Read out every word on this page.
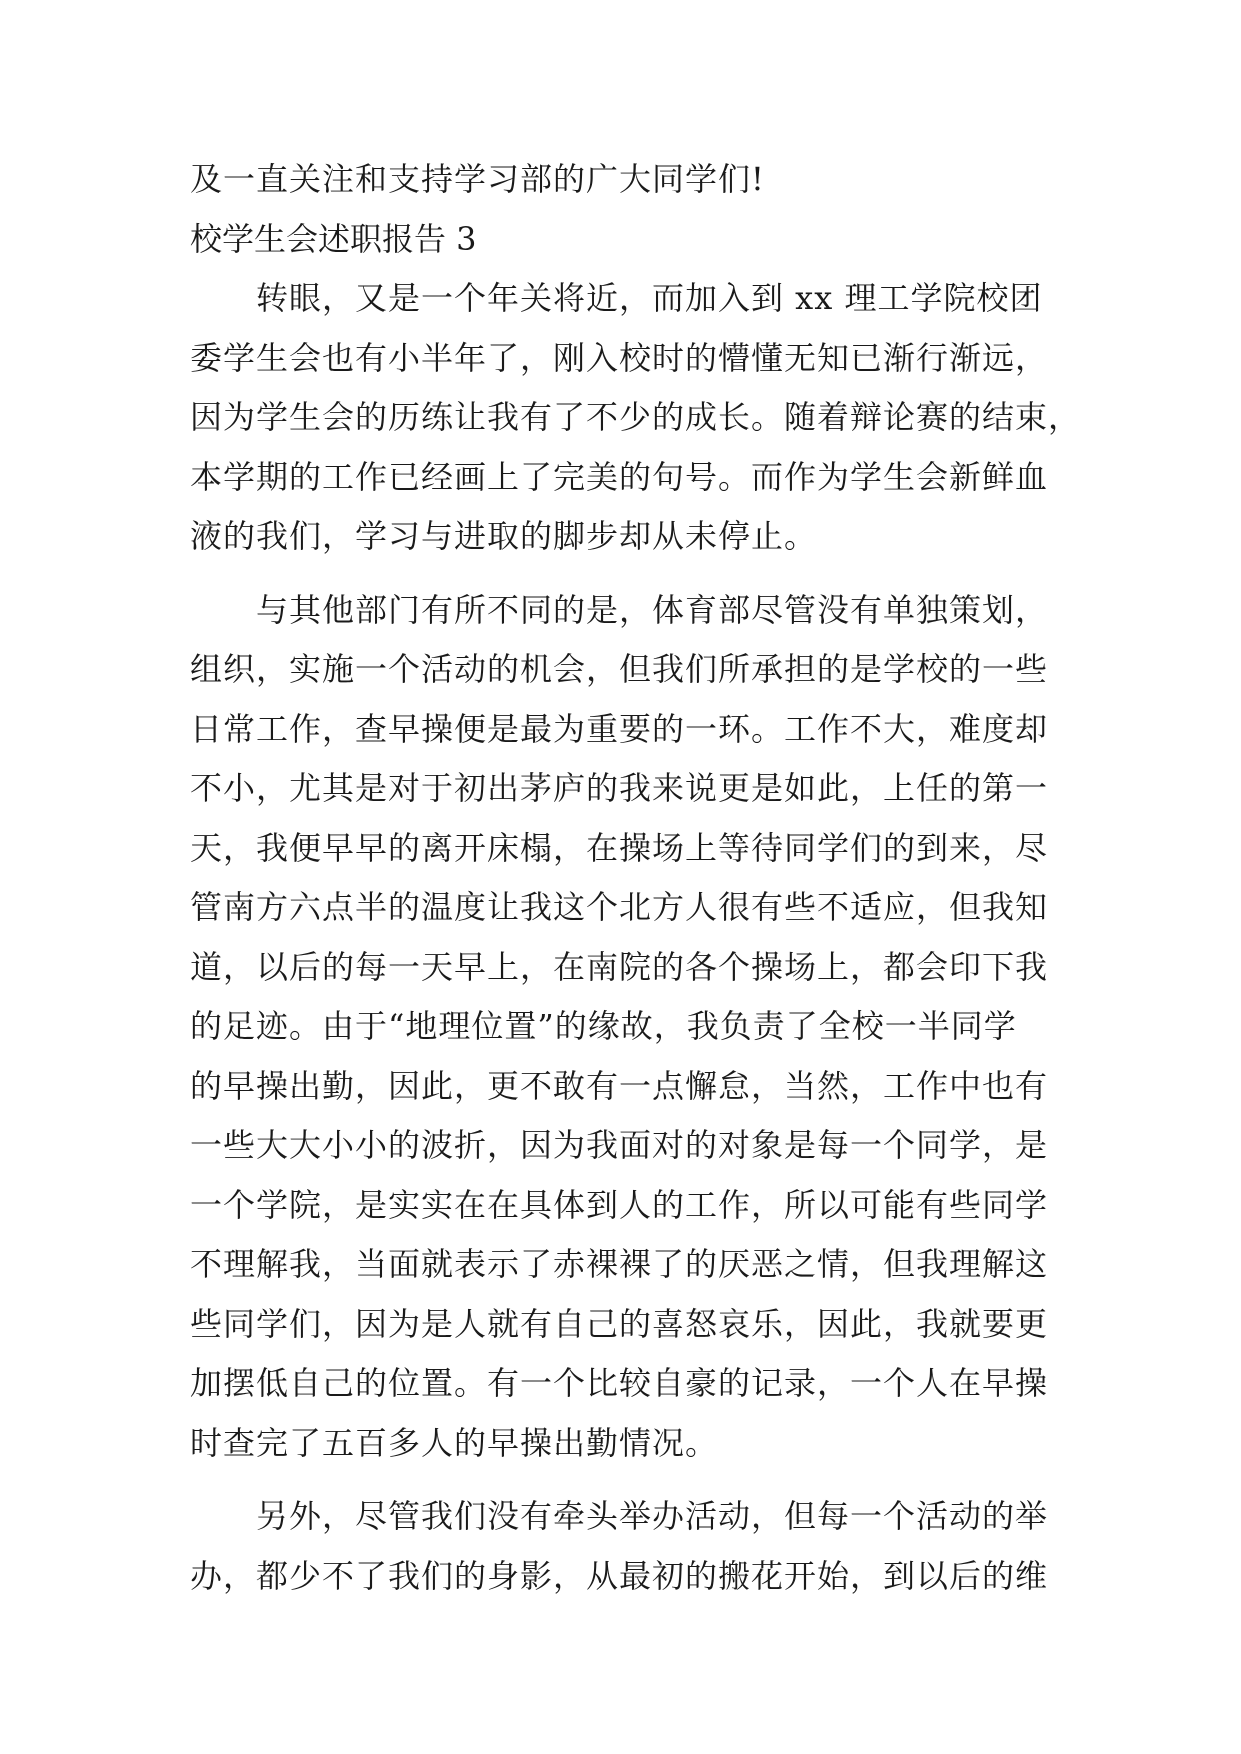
及一直关注和支持学习部的广大同学们!
校学生会述职报告 3
　　转眼，又是一个年关将近，而加入到 xx 理工学院校团
委学生会也有小半年了，刚入校时的懵懂无知已渐行渐远，
因为学生会的历练让我有了不少的成长。随着辩论赛的结束，
本学期的工作已经画上了完美的句号。而作为学生会新鲜血
液的我们，学习与进取的脚步却从未停止。
　　与其他部门有所不同的是，体育部尽管没有单独策划，
组织，实施一个活动的机会，但我们所承担的是学校的一些
日常工作，查早操便是最为重要的一环。工作不大，难度却
不小，尤其是对于初出茅庐的我来说更是如此，上任的第一
天，我便早早的离开床榻，在操场上等待同学们的到来，尽
管南方六点半的温度让我这个北方人很有些不适应，但我知
道，以后的每一天早上，在南院的各个操场上，都会印下我
的足迹。由于“地理位置”的缘故，我负责了全校一半同学
的早操出勤，因此，更不敢有一点懈怠，当然，工作中也有
一些大大小小的波折，因为我面对的对象是每一个同学，是
一个学院，是实实在在具体到人的工作，所以可能有些同学
不理解我，当面就表示了赤裸裸了的厌恶之情，但我理解这
些同学们，因为是人就有自己的喜怒哀乐，因此，我就要更
加摆低自己的位置。有一个比较自豪的记录，一个人在早操
时查完了五百多人的早操出勤情况。
　　另外，尽管我们没有牵头举办活动，但每一个活动的举
办，都少不了我们的身影，从最初的搬花开始，到以后的维
